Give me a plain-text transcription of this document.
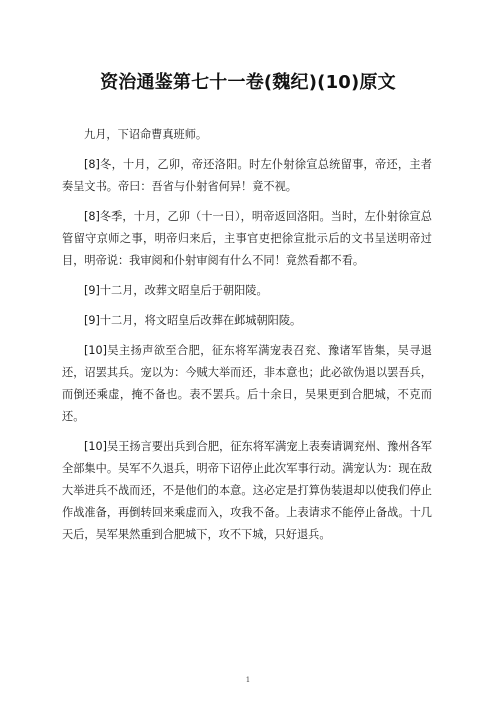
资治通鉴第七十一卷(魏纪)(10)原文

九月，下诏命曹真班师。

[8]冬，十月，乙卯，帝还洛阳。时左仆射徐宣总统留事，帝还，主者奏呈文书。帝曰：吾省与仆射省何异！竟不视。

[8]冬季，十月，乙卯（十一日），明帝返回洛阳。当时，左仆射徐宣总管留守京师之事，明帝归来后，主事官吏把徐宣批示后的文书呈送明帝过目，明帝说：我审阅和仆射审阅有什么不同！竟然看都不看。

[9]十二月，改葬文昭皇后于朝阳陵。

[9]十二月，将文昭皇后改葬在邺城朝阳陵。

[10]吴主扬声欲至合肥，征东将军满宠表召兖、豫诸军皆集，吴寻退还，诏罢其兵。宠以为：今贼大举而还，非本意也；此必欲伪退以罢吾兵，而倒还乘虚，掩不备也。表不罢兵。后十余日，吴果更到合肥城，不克而还。

[10]吴王扬言要出兵到合肥，征东将军满宠上表奏请调兖州、豫州各军全部集中。吴军不久退兵，明帝下诏停止此次军事行动。满宠认为：现在敌大举进兵不战而还，不是他们的本意。这必定是打算伪装退却以使我们停止作战准备，再倒转回来乘虚而入，攻我不备。上表请求不能停止备战。十几天后，吴军果然重到合肥城下，攻不下城，只好退兵。

1
